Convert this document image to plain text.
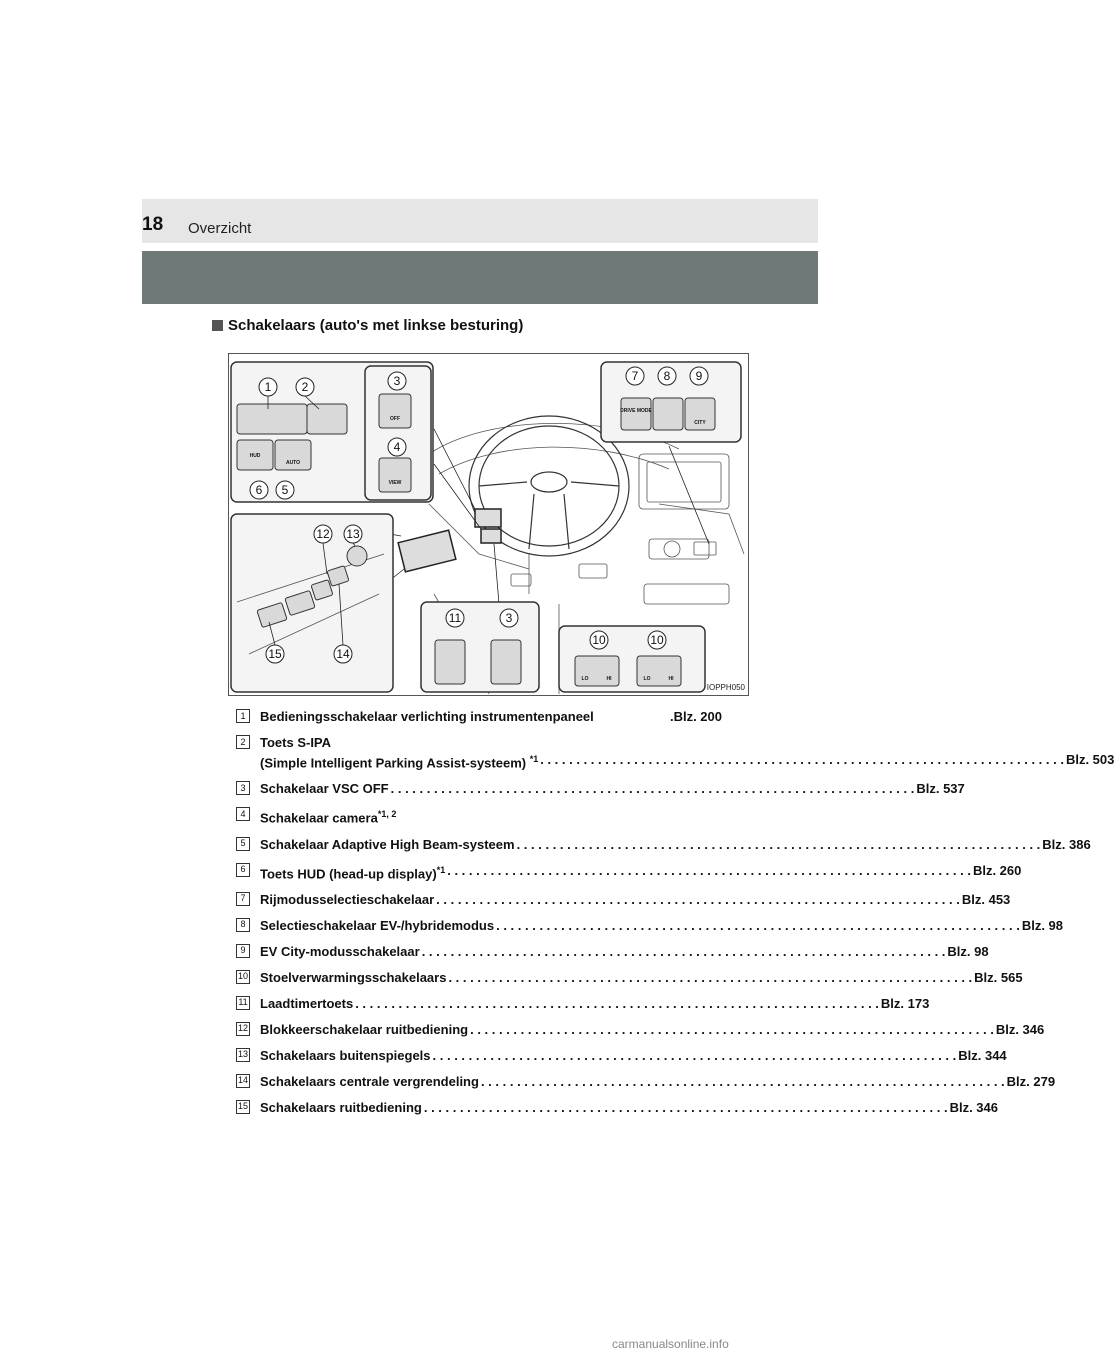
18 Overzicht
Schakelaars (auto's met linkse besturing)
HUD
AUTO
1	2
6 5
OFF
VIEW
3
4
DRIVE MODE
CITY
7 8 9
12 13
15	14
11	3
LO	HI	LO	HI
10	10
IOPPH050
1	Bedieningsschakelaar verlichting instrumentenpaneel	.Blz. 200
2	Toets S-IPA
(Simple Intelligent Parking Assist-systeem) $^{*1}$ . . .	Blz. 503
3	Schakelaar VSC OFF . . .	Blz. 537
4	Schakelaar camera$^{*1, 2}$
5	Schakelaar Adaptive High Beam-systeem . . .	Blz. 386
6	Toets HUD (head-up display)$^{*1}$ . . .	Blz. 260
7	Rijmodusselectieschakelaar . . .	Blz. 453
8	Selectieschakelaar EV-/hybridemodus . . .	Blz. 98
9	EV City-modusschakelaar . . .	Blz. 98
10 Stoelverwarmingsschakelaars . . .	Blz. 565
11 Laadtimertoets . . .	Blz. 173
12 Blokkeerschakelaar ruitbediening . . .	Blz. 346
13 Schakelaars buitenspiegels . . .	Blz. 344
14 Schakelaars centrale vergrendeling . . .	Blz. 279
15 Schakelaars ruitbediening . . .	Blz. 346
carmanualsonline.info
